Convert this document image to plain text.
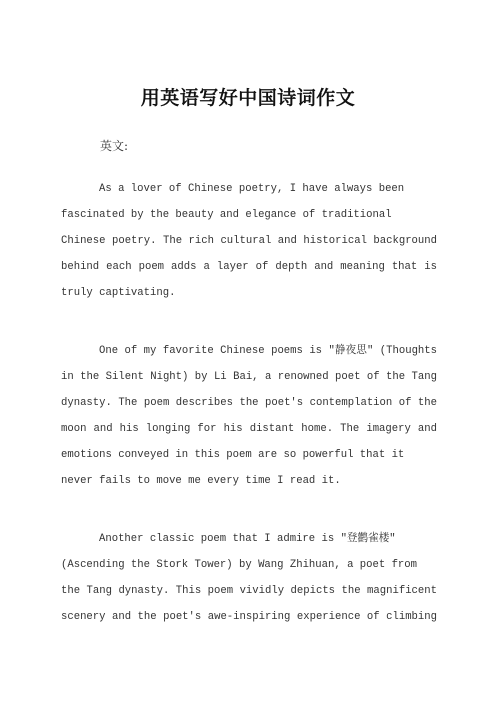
用英语写好中国诗词作文
英文:

As a lover of Chinese poetry, I have always been
fascinated by the beauty and elegance of traditional
Chinese poetry. The rich cultural and historical background
behind each poem adds a layer of depth and meaning that is
truly captivating.

One of my favorite Chinese poems is "静夜思" (Thoughts
in the Silent Night) by Li Bai, a renowned poet of the Tang
dynasty. The poem describes the poet's contemplation of the
moon and his longing for his distant home. The imagery and
emotions conveyed in this poem are so powerful that it
never fails to move me every time I read it.

Another classic poem that I admire is "登鹳雀楼"
(Ascending the Stork Tower) by Wang Zhihuan, a poet from
the Tang dynasty. This poem vividly depicts the magnificent
scenery and the poet's awe-inspiring experience of climbing
